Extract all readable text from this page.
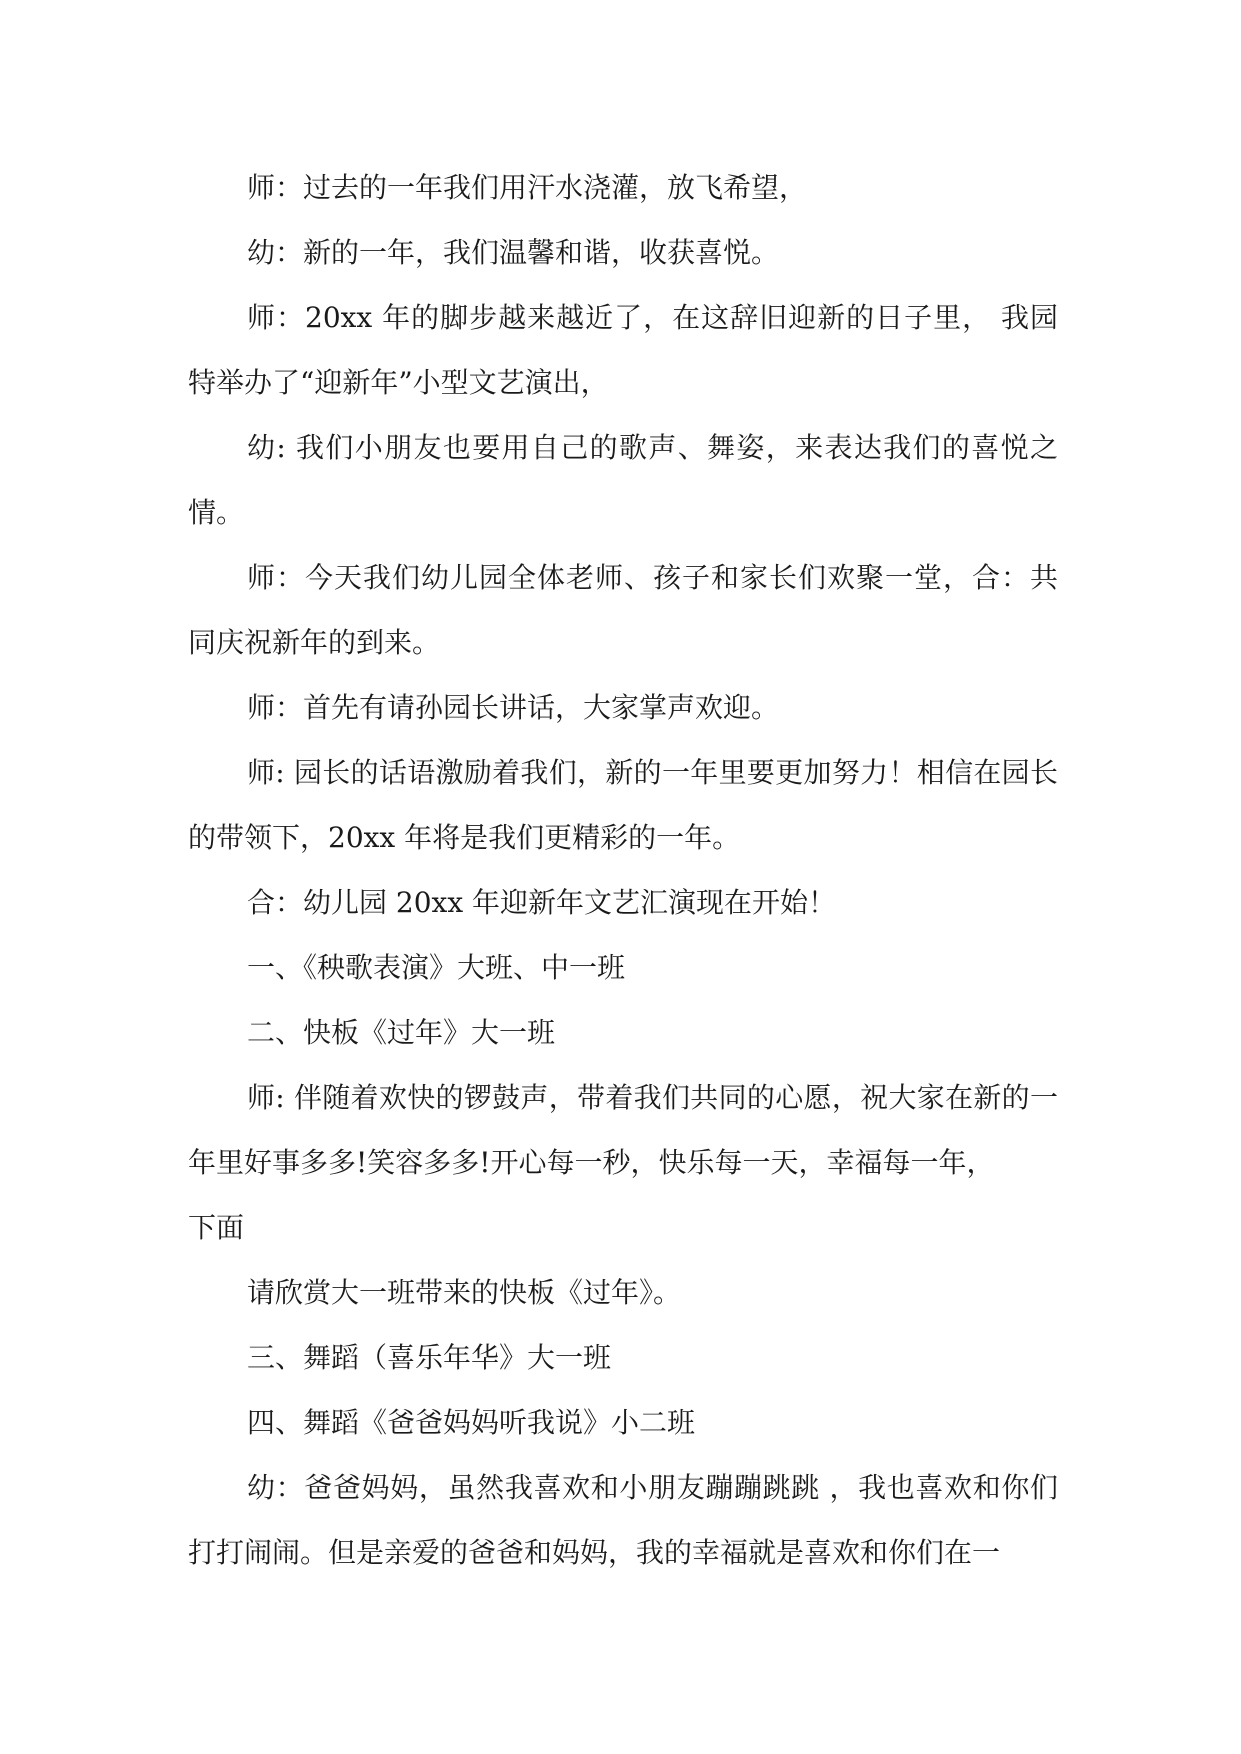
师：过去的一年我们用汗水浇灌，放飞希望，

幼：新的一年，我们温馨和谐，收获喜悦。

师：20xx 年的脚步越来越近了，在这辞旧迎新的日子里， 我园特举办了“迎新年”小型文艺演出，

幼: 我们小朋友也要用自己的歌声、舞姿，来表达我们的喜悦之情。

师：今天我们幼儿园全体老师、孩子和家长们欢聚一堂，合：共同庆祝新年的到来。

师：首先有请孙园长讲话，大家掌声欢迎。

师: 园长的话语激励着我们，新的一年里要更加努力！相信在园长的带领下，20xx 年将是我们更精彩的一年。

合：幼儿园 20xx 年迎新年文艺汇演现在开始！

一、《秧歌表演》大班、中一班

二、快板《过年》大一班

师: 伴随着欢快的锣鼓声，带着我们共同的心愿，祝大家在新的一年里好事多多!笑容多多!开心每一秒，快乐每一天，幸福每一年，

下面

请欣赏大一班带来的快板《过年》。

三、舞蹈（喜乐年华》大一班

四、舞蹈《爸爸妈妈听我说》小二班

幼：爸爸妈妈，虽然我喜欢和小朋友蹦蹦跳跳 ，我也喜欢和你们打打闹闹。但是亲爱的爸爸和妈妈，我的幸福就是喜欢和你们在一
